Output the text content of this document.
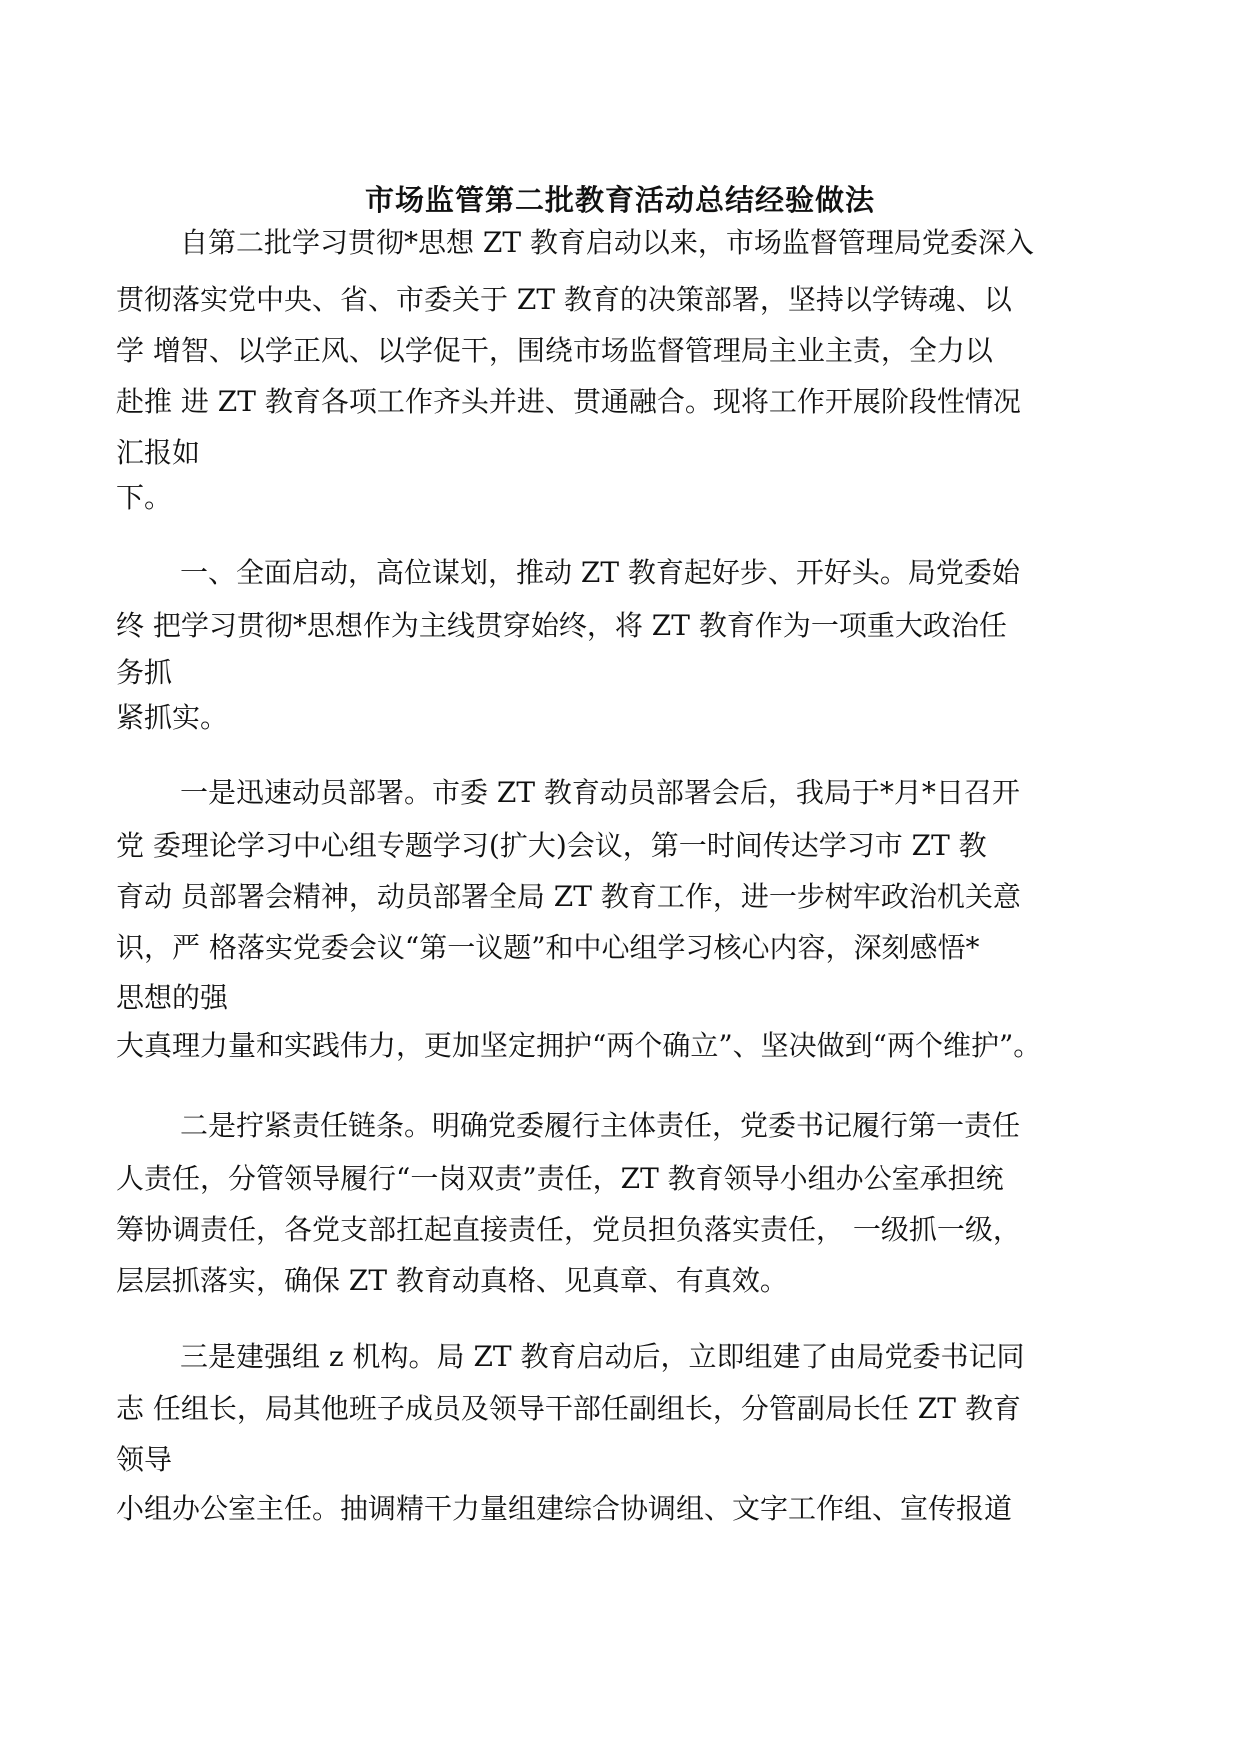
市场监管第二批教育活动总结经验做法
自第二批学习贯彻*思想 ZT 教育启动以来，市场监督管理局党委深入
贯彻落实党中央、省、市委关于 ZT 教育的决策部署，坚持以学铸魂、以
学 增智、以学正风、以学促干，围绕市场监督管理局主业主责，全力以
赴推 进 ZT 教育各项工作齐头并进、贯通融合。现将工作开展阶段性情况
汇报如
下。
一、全面启动，高位谋划，推动 ZT 教育起好步、开好头。局党委始
终 把学习贯彻*思想作为主线贯穿始终，将 ZT 教育作为一项重大政治任
务抓
紧抓实。
一是迅速动员部署。市委 ZT 教育动员部署会后，我局于*月*日召开
党 委理论学习中心组专题学习(扩大)会议，第一时间传达学习市 ZT 教
育动 员部署会精神，动员部署全局 ZT 教育工作，进一步树牢政治机关意
识，严 格落实党委会议“第一议题”和中心组学习核心内容，深刻感悟*
思想的强
大真理力量和实践伟力，更加坚定拥护“两个确立”、坚决做到“两个维护”。
二是拧紧责任链条。明确党委履行主体责任，党委书记履行第一责任
人责任，分管领导履行“一岗双责”责任，ZT 教育领导小组办公室承担统
筹协调责任，各党支部扛起直接责任，党员担负落实责任， 一级抓一级，
层层抓落实，确保 ZT 教育动真格、见真章、有真效。
三是建强组 z 机构。局 ZT 教育启动后，立即组建了由局党委书记同
志 任组长，局其他班子成员及领导干部任副组长，分管副局长任 ZT 教育
领导
小组办公室主任。抽调精干力量组建综合协调组、文字工作组、宣传报道
